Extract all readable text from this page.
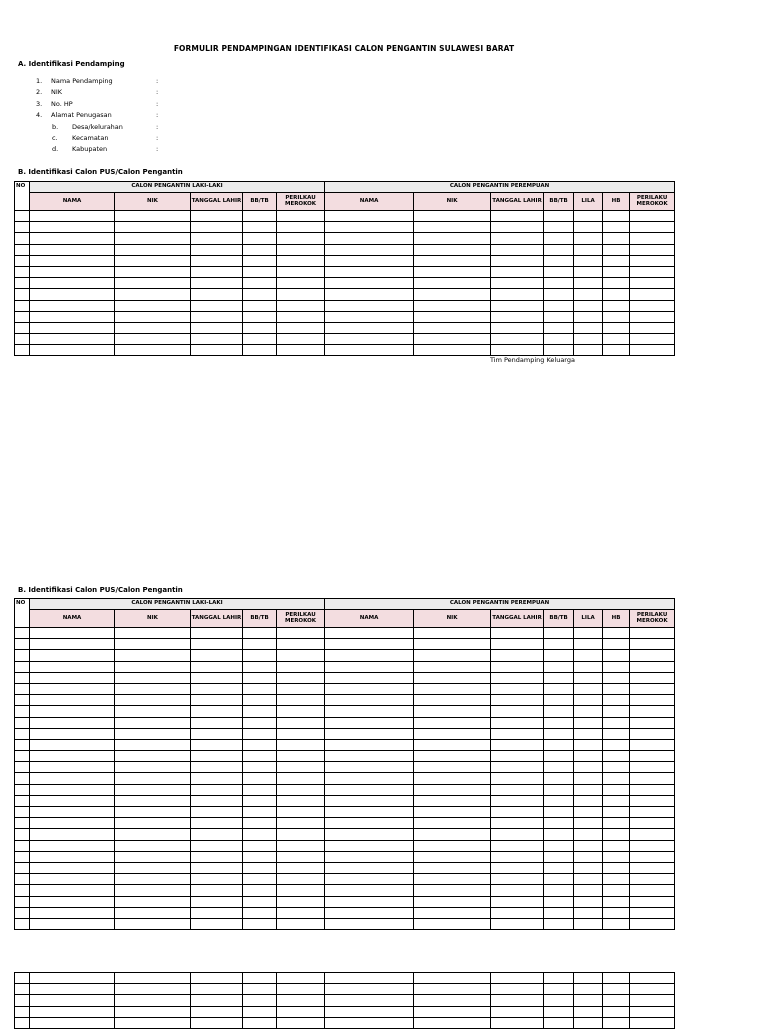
FORMULIR PENDAMPINGAN IDENTIFIKASI CALON PENGANTIN SULAWESI BARAT
A. Identifikasi Pendamping
1. Nama Pendamping	:
2. NIK	:
3. No. HP	:
4. Alamat Penugasan	:
b. Desa/kelurahan	:
c. Kecamatan	:
d. Kabupaten	:
B. Identifikasi Calon PUS/Calon Pengantin
NO	CALON PENGANTIN LAKI-LAKI					CALON PENGANTIN PEREMPUAN						
	NAMA	NIK	TANGGAL LAHIR	BB/TB	PERILKAU MEROKOK	NAMA	NIK	TANGGAL LAHIR	BB/TB	LILA	HB	PERILAKU MEROKOK

Tim Pendamping Keluarga
B. Identifikasi Calon PUS/Calon Pengantin
NO	CALON PENGANTIN LAKI-LAKI					CALON PENGANTIN PEREMPUAN						
	NAMA	NIK	TANGGAL LAHIR	BB/TB	PERILKAU MEROKOK	NAMA	NIK	TANGGAL LAHIR	BB/TB	LILA	HB	PERILAKU MEROKOK
